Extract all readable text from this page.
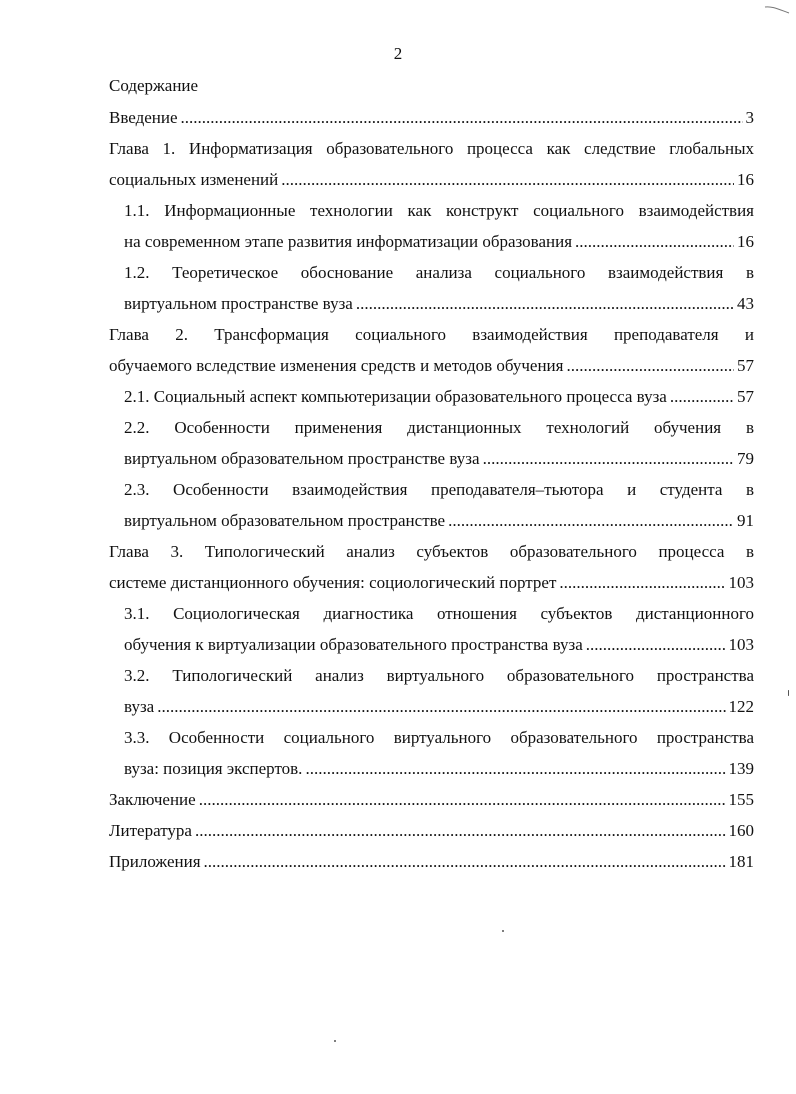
2
Содержание
Введение .....	3
Глава 1. Информатизация образовательного процесса как следствие глобальных
социальных изменений .....	16
1.1. Информационные технологии как конструкт социального взаимодействия
на современном этапе развития информатизации образования .....	16
1.2. Теоретическое обоснование анализа социального взаимодействия в
виртуальном пространстве вуза .....	43
Глава 2. Трансформация социального взаимодействия преподавателя и
обучаемого вследствие изменения средств и методов обучения .....	57
2.1. Социальный аспект компьютеризации образовательного процесса вуза .....	57
2.2. Особенности применения дистанционных технологий обучения в
виртуальном образовательном пространстве вуза .....	79
2.3. Особенности взаимодействия преподавателя–тьютора и студента в
виртуальном образовательном пространстве .....	91
Глава 3. Типологический анализ субъектов образовательного процесса в
системе дистанционного обучения: социологический портрет .....	103
3.1. Социологическая диагностика отношения субъектов дистанционного
обучения к виртуализации образовательного пространства вуза .....	103
3.2. Типологический анализ виртуального образовательного пространства
вуза .....	122
3.3. Особенности социального виртуального образовательного пространства
вуза: позиция экспертов. .....	139
Заключение .....	155
Литература .....	160
Приложения .....	181
